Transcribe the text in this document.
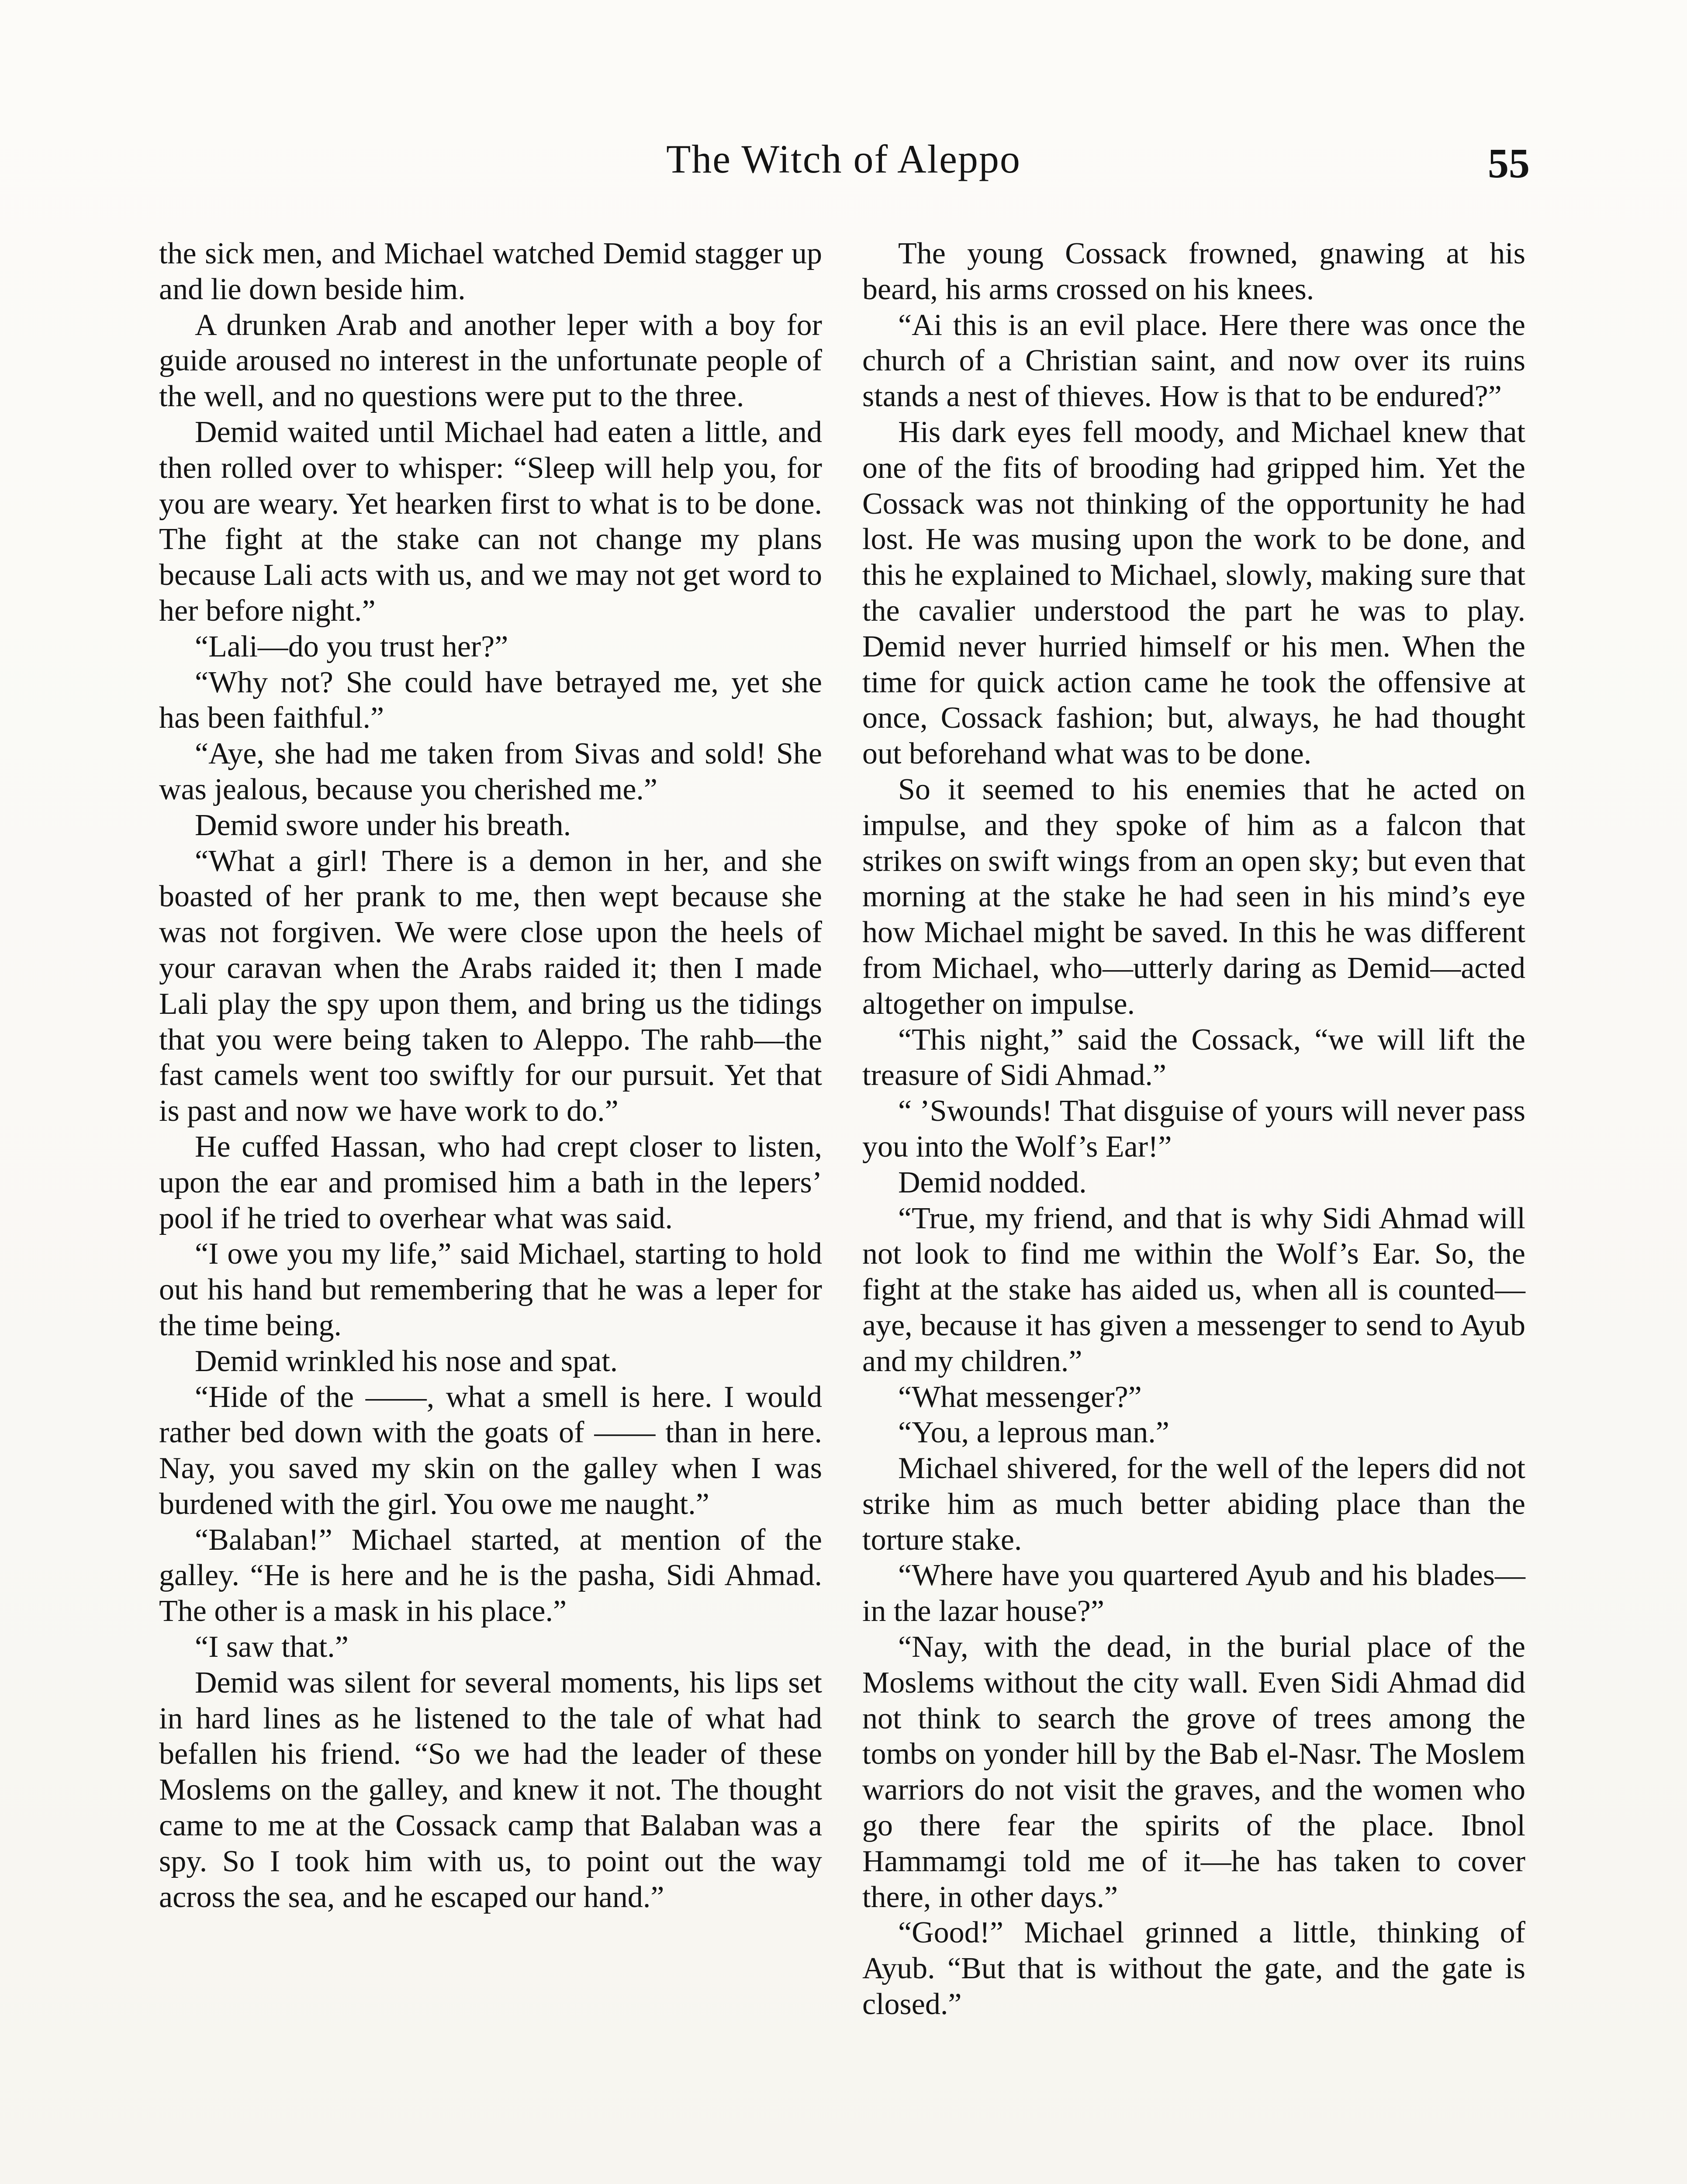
The Witch of Aleppo	55

the sick men, and Michael watched Demid stagger up and lie down beside him.

A drunken Arab and another leper with a boy for guide aroused no interest in the unfortunate people of the well, and no questions were put to the three.

Demid waited until Michael had eaten a little, and then rolled over to whisper: “Sleep will help you, for you are weary. Yet hearken first to what is to be done. The fight at the stake can not change my plans because Lali acts with us, and we may not get word to her before night.”

“Lali—do you trust her?”

“Why not? She could have betrayed me, yet she has been faithful.”

“Aye, she had me taken from Sivas and sold! She was jealous, because you cherished me.”

Demid swore under his breath.

“What a girl! There is a demon in her, and she boasted of her prank to me, then wept because she was not forgiven. We were close upon the heels of your caravan when the Arabs raided it; then I made Lali play the spy upon them, and bring us the tidings that you were being taken to Aleppo. The rahb—the fast camels went too swiftly for our pursuit. Yet that is past and now we have work to do.”

He cuffed Hassan, who had crept closer to listen, upon the ear and promised him a bath in the lepers’ pool if he tried to overhear what was said.

“I owe you my life,” said Michael, starting to hold out his hand but remembering that he was a leper for the time being.

Demid wrinkled his nose and spat.

“Hide of the ——, what a smell is here. I would rather bed down with the goats of —— than in here. Nay, you saved my skin on the galley when I was burdened with the girl. You owe me naught.”

“Balaban!” Michael started, at mention of the galley. “He is here and he is the pasha, Sidi Ahmad. The other is a mask in his place.”

“I saw that.”

Demid was silent for several moments, his lips set in hard lines as he listened to the tale of what had befallen his friend. “So we had the leader of these Moslems on the galley, and knew it not. The thought came to me at the Cossack camp that Balaban was a spy. So I took him with us, to point out the way across the sea, and he escaped our hand.”

The young Cossack frowned, gnawing at his beard, his arms crossed on his knees.

“Ai this is an evil place. Here there was once the church of a Christian saint, and now over its ruins stands a nest of thieves. How is that to be endured?”

His dark eyes fell moody, and Michael knew that one of the fits of brooding had gripped him. Yet the Cossack was not thinking of the opportunity he had lost. He was musing upon the work to be done, and this he explained to Michael, slowly, making sure that the cavalier understood the part he was to play. Demid never hurried himself or his men. When the time for quick action came he took the offensive at once, Cossack fashion; but, always, he had thought out beforehand what was to be done.

So it seemed to his enemies that he acted on impulse, and they spoke of him as a falcon that strikes on swift wings from an open sky; but even that morning at the stake he had seen in his mind’s eye how Michael might be saved. In this he was different from Michael, who—utterly daring as Demid—acted altogether on impulse.

“This night,” said the Cossack, “we will lift the treasure of Sidi Ahmad.”

“ ’Swounds! That disguise of yours will never pass you into the Wolf’s Ear!”

Demid nodded.

“True, my friend, and that is why Sidi Ahmad will not look to find me within the Wolf’s Ear. So, the fight at the stake has aided us, when all is counted—aye, because it has given a messenger to send to Ayub and my children.”

“What messenger?”

“You, a leprous man.”

Michael shivered, for the well of the lepers did not strike him as much better abiding place than the torture stake.

“Where have you quartered Ayub and his blades—in the lazar house?”

“Nay, with the dead, in the burial place of the Moslems without the city wall. Even Sidi Ahmad did not think to search the grove of trees among the tombs on yonder hill by the Bab el-Nasr. The Moslem warriors do not visit the graves, and the women who go there fear the spirits of the place. Ibnol Hammamgi told me of it—he has taken to cover there, in other days.”

“Good!” Michael grinned a little, thinking of Ayub. “But that is without the gate, and the gate is closed.”
